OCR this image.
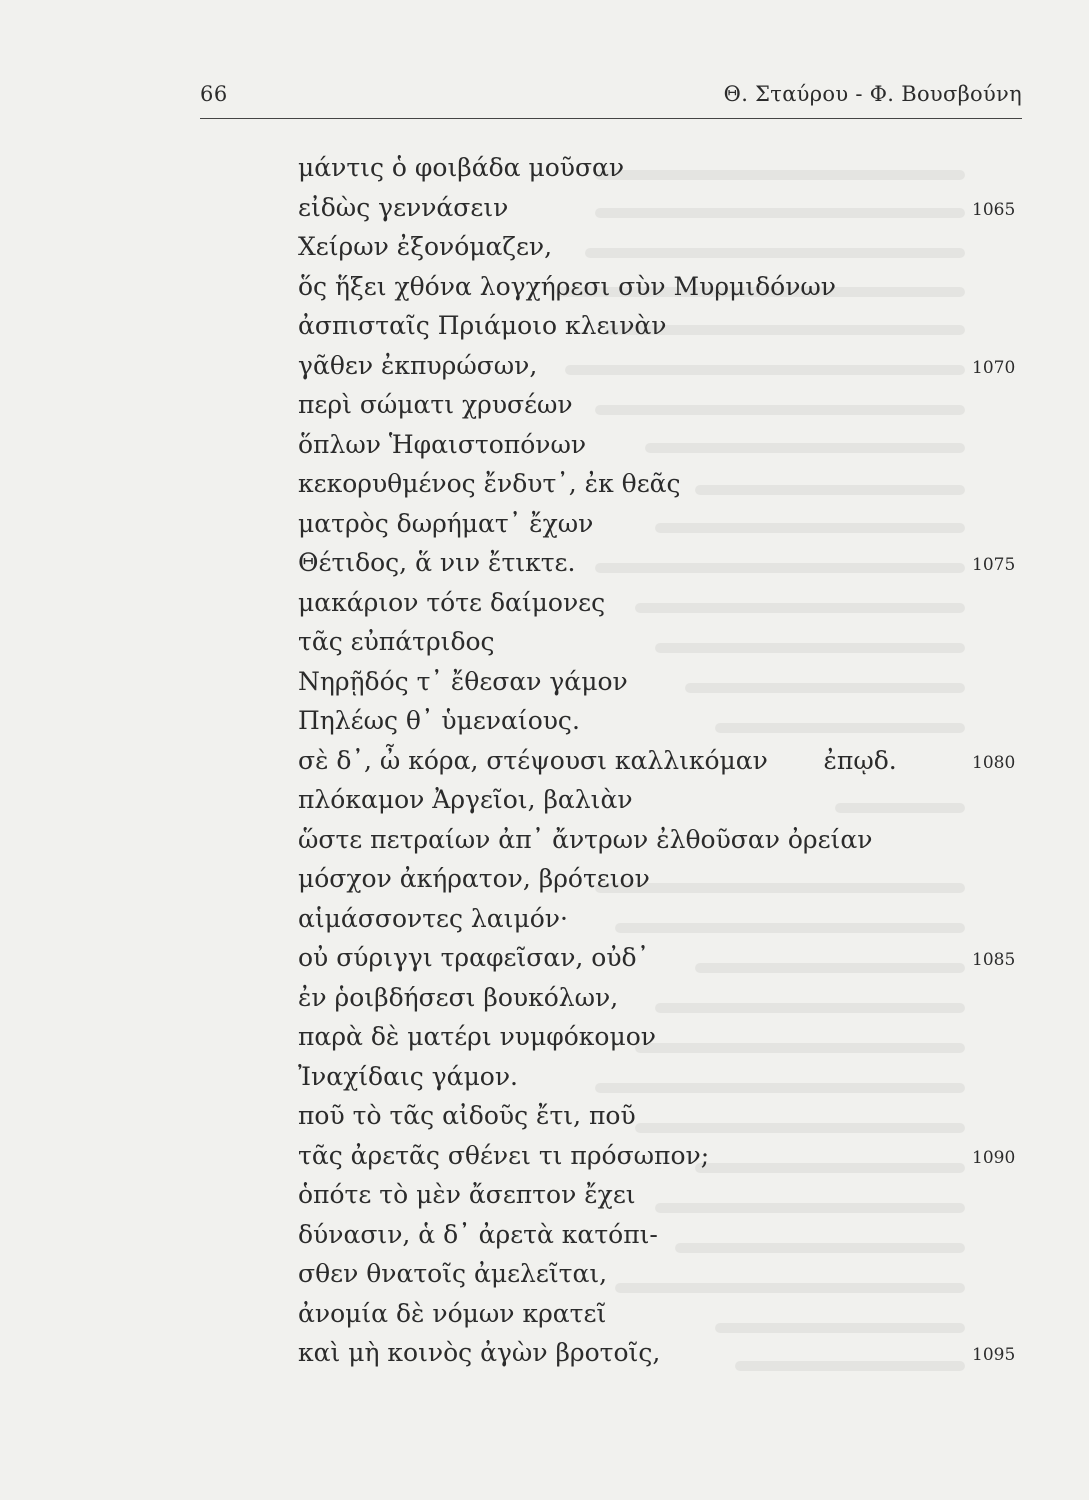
66	Θ. Σταύρου - Φ. Βουσβούνη
μάντις ὁ φοιβάδα μοῦσαν
εἰδὼς γεννάσειν	1065
Χείρων ἐξονόμαζεν,
ὅς ἥξει χθόνα λογχήρεσι σὺν Μυρμιδόνων
ἀσπισταῖς Πριάμοιο κλεινὰν
γᾶθεν ἐκπυρώσων,	1070
περὶ σώματι χρυσέων
ὅπλων Ἡφαιστοπόνων
κεκορυθμένος ἔνδυτ᾽, ἐκ θεᾶς
ματρὸς δωρήματ᾽ ἔχων
Θέτιδος, ἅ νιν ἔτικτε.	1075
μακάριον τότε δαίμονες
τᾶς εὐπάτριδος
Νηρῇδός τ᾽ ἔθεσαν γάμον
Πηλέως θ᾽ ὑμεναίους.
σὲ δ᾽, ὦ κόρα, στέψουσι καλλικόμαν       ἐπῳδ.	1080
πλόκαμον Ἀργεῖοι, βαλιὰν
ὥστε πετραίων ἀπ᾽ ἄντρων ἐλθοῦσαν ὀρείαν
μόσχον ἀκήρατον, βρότειον
αἱμάσσοντες λαιμόν·
οὐ σύριγγι τραφεῖσαν, οὐδ᾽	1085
ἐν ῥοιβδήσεσι βουκόλων,
παρὰ δὲ ματέρι νυμφόκομον
Ἰναχίδαις γάμον.
ποῦ τὸ τᾶς αἰδοῦς ἔτι, ποῦ
τᾶς ἀρετᾶς σθένει τι πρόσωπον;	1090
ὁπότε τὸ μὲν ἄσεπτον ἔχει
δύνασιν, ἁ δ᾽ ἀρετὰ κατόπι-
σθεν θνατοῖς ἀμελεῖται,
ἀνομία δὲ νόμων κρατεῖ
καὶ μὴ κοινὸς ἀγὼν βροτοῖς,	1095
